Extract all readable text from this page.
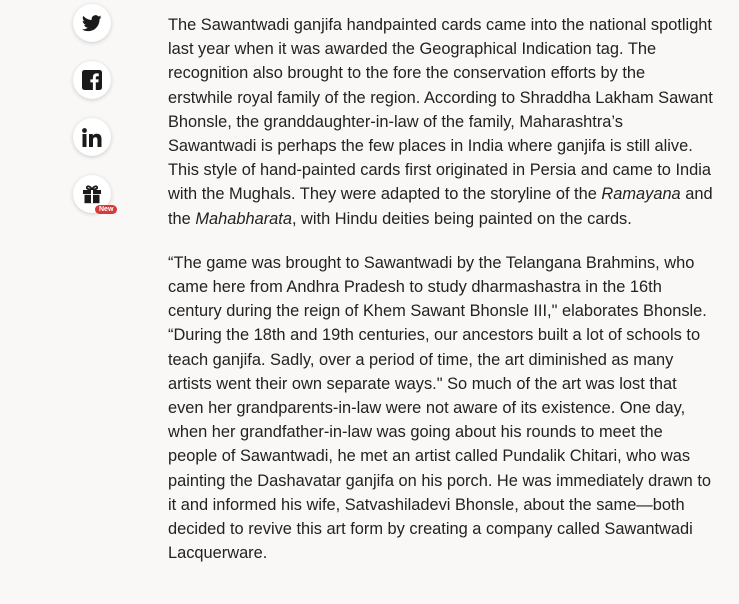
New

The Sawantwadi ganjifa handpainted cards came into the national spotlight last year when it was awarded the Geographical Indication tag. The recognition also brought to the fore the conservation efforts by the erstwhile royal family of the region. According to Shraddha Lakham Sawant Bhonsle, the granddaughter-in-law of the family, Maharashtra’s Sawantwadi is perhaps the few places in India where ganjifa is still alive. This style of hand-painted cards first originated in Persia and came to India with the Mughals. They were adapted to the storyline of the Ramayana and the Mahabharata, with Hindu deities being painted on the cards.

“The game was brought to Sawantwadi by the Telangana Brahmins, who came here from Andhra Pradesh to study dharmashastra in the 16th century during the reign of Khem Sawant Bhonsle III," elaborates Bhonsle. “During the 18th and 19th centuries, our ancestors built a lot of schools to teach ganjifa. Sadly, over a period of time, the art diminished as many artists went their own separate ways." So much of the art was lost that even her grandparents-in-law were not aware of its existence. One day, when her grandfather-in-law was going about his rounds to meet the people of Sawantwadi, he met an artist called Pundalik Chitari, who was painting the Dashavatar ganjifa on his porch. He was immediately drawn to it and informed his wife, Satvashiladevi Bhonsle, about the same—both decided to revive this art form by creating a company called Sawantwadi Lacquerware.
